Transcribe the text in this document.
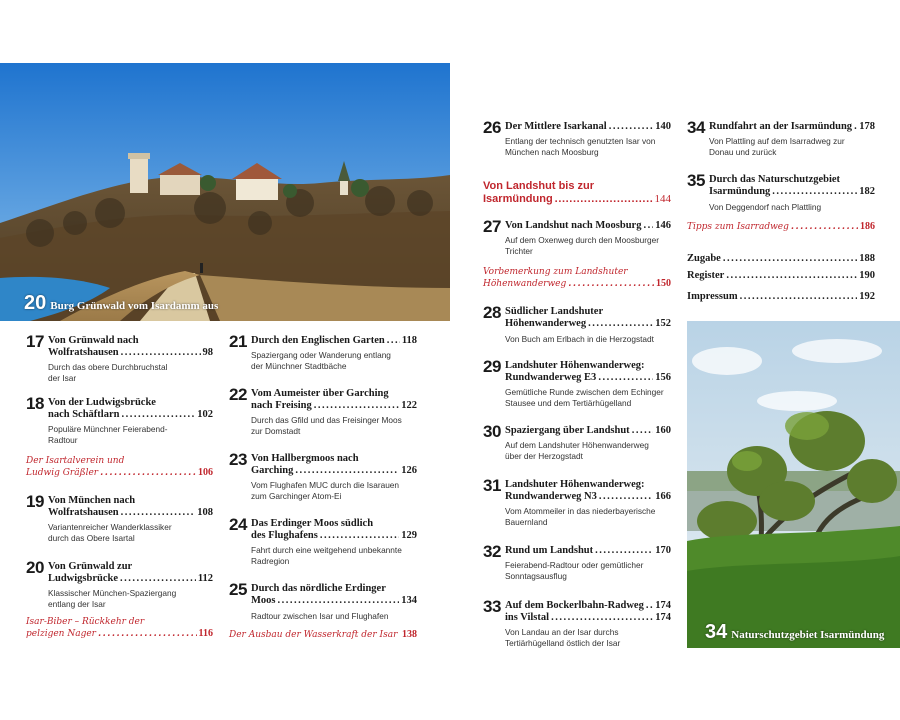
20 Burg Grünwald vom Isardamm aus
34 Naturschutzgebiet Isarmündung
17 Von Grünwald nach
Wolfratshausen .....	98
Durch das obere Durchbruchstal
der Isar
18 Von der Ludwigsbrücke
nach Schäftlarn .....	102
Populäre Münchner Feierabend-
Radtour
Der Isartalverein und
Ludwig Gräßler .....	106
19 Von München nach
Wolfratshausen .....	108
Variantenreicher Wanderklassiker
durch das Obere Isartal
20 Von Grünwald zur
Ludwigsbrücke .....	112
Klassischer München-Spaziergang
entlang der Isar
Isar-Biber – Rückkehr der
pelzigen Nager .....	116
21 Durch den Englischen Garten ..... 118
Spaziergang oder Wanderung entlang
der Münchner Stadtbäche
22 Vom Aumeister über Garching
nach Freising .....	122
Durch das Gfild und das Freisinger Moos
zur Domstadt
23 Von Hallbergmoos nach
Garching .....	126
Vom Flughafen MUC durch die Isarauen
zum Garchinger Atom-Ei
24 Das Erdinger Moos südlich
des Flughafens .....	129
Fahrt durch eine weitgehend unbekannte
Radregion
25 Durch das nördliche Erdinger
Moos .....	134
Radtour zwischen Isar und Flughafen
Der Ausbau der Wasserkraft der Isar ..... 138
26 Der Mittlere Isarkanal .....	140
Entlang der technisch genutzten Isar von
München nach Moosburg
Von Landshut bis zur
Isarmündung .....	144
27 Von Landshut nach Moosburg ..... 146
Auf dem Oxenweg durch den Moosburger
Trichter
Vorbemerkung zum Landshuter
Höhenwanderweg .....	150
28 Südlicher Landshuter
Höhenwanderweg .....	152
Von Buch am Erlbach in die Herzogstadt
29 Landshuter Höhenwanderweg:
Rundwanderweg E3 .....	156
Gemütliche Runde zwischen dem Echinger
Stausee und dem Tertiärhügelland
30 Spaziergang über Landshut ..... 160
Auf dem Landshuter Höhenwanderweg
über der Herzogstadt
31 Landshuter Höhenwanderweg:
Rundwanderweg N3 .....	166
Vom Atommeiler in das niederbayerische
Bauernland
32 Rund um Landshut .....	170
Feierabend-Radtour oder gemütlicher
Sonntagsausflug
33 Auf dem Bockerlbahn-Radweg ..... 174
ins Vilstal .....	174
Von Landau an der Isar durchs
Tertiärhügelland östlich der Isar
34 Rundfahrt an der Isarmündung ..... 178
Von Plattling auf dem Isarradweg zur
Donau und zurück
35 Durch das Naturschutzgebiet
Isarmündung .....	182
Von Deggendorf nach Plattling
Tipps zum Isarradweg .....	186
Zugabe .....	188
Register .....	190
Impressum .....	192
